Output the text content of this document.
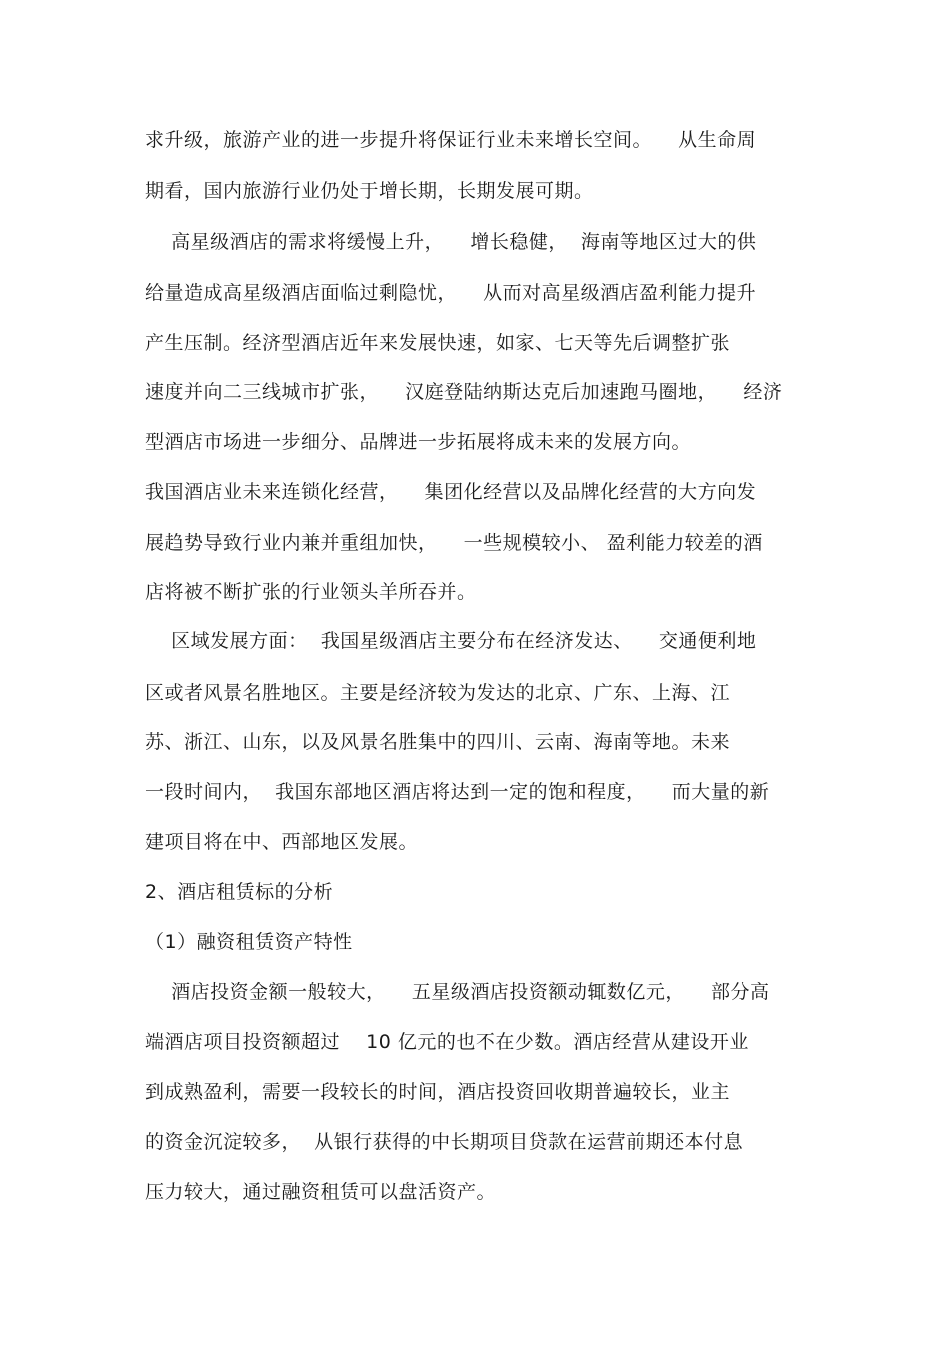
求升级，旅游产业的进一步提升将保证行业未来增长空间。    从生命周
期看，国内旅游行业仍处于增长期，长期发展可期。
高星级酒店的需求将缓慢上升，    增长稳健，  海南等地区过大的供
给量造成高星级酒店面临过剩隐忧，    从而对高星级酒店盈利能力提升
产生压制。经济型酒店近年来发展快速，如家、七天等先后调整扩张
速度并向二三线城市扩张，    汉庭登陆纳斯达克后加速跑马圈地，    经济
型酒店市场进一步细分、品牌进一步拓展将成未来的发展方向。
我国酒店业未来连锁化经营，    集团化经营以及品牌化经营的大方向发
展趋势导致行业内兼并重组加快，    一些规模较小、 盈利能力较差的酒
店将被不断扩张的行业领头羊所吞并。
区域发展方面：  我国星级酒店主要分布在经济发达、    交通便利地
区或者风景名胜地区。主要是经济较为发达的北京、广东、上海、江
苏、浙江、山东，以及风景名胜集中的四川、云南、海南等地。未来
一段时间内，  我国东部地区酒店将达到一定的饱和程度，    而大量的新
建项目将在中、西部地区发展。
2、酒店租赁标的分析
（1）融资租赁资产特性
酒店投资金额一般较大，    五星级酒店投资额动辄数亿元，    部分高
端酒店项目投资额超过    10 亿元的也不在少数。酒店经营从建设开业
到成熟盈利，需要一段较长的时间，酒店投资回收期普遍较长，业主
的资金沉淀较多，  从银行获得的中长期项目贷款在运营前期还本付息
压力较大，通过融资租赁可以盘活资产。
